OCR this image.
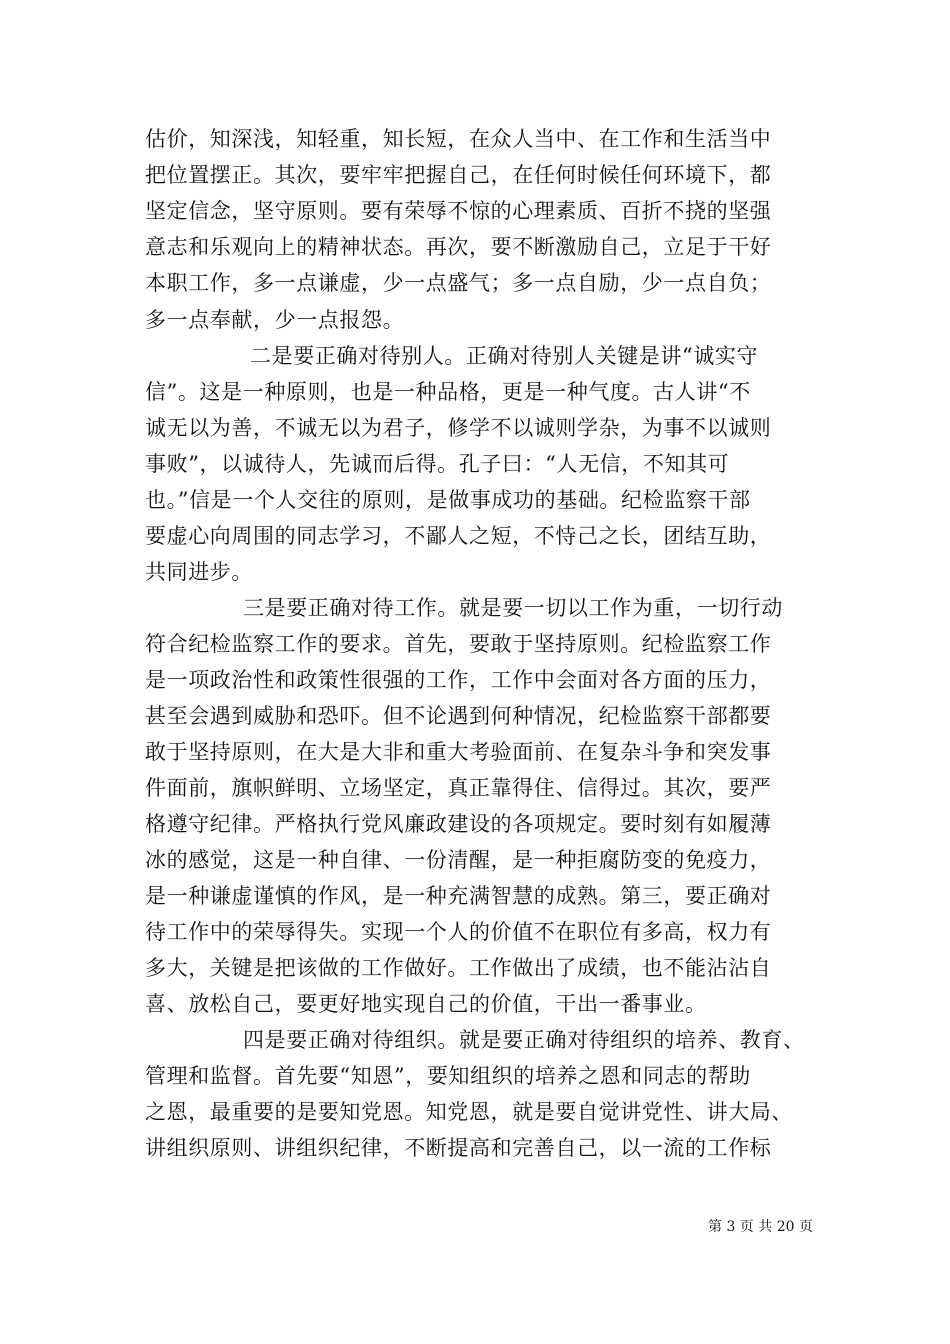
估价，知深浅，知轻重，知长短，在众人当中、在工作和生活当中
把位置摆正。其次，要牢牢把握自己，在任何时候任何环境下，都
坚定信念，坚守原则。要有荣辱不惊的心理素质、百折不挠的坚强
意志和乐观向上的精神状态。再次，要不断激励自己，立足于干好
本职工作，多一点谦虚，少一点盛气；多一点自励，少一点自负；
多一点奉献，少一点报怨。
二是要正确对待别人。正确对待别人关键是讲“诚实守
信”。这是一种原则，也是一种品格，更是一种气度。古人讲“不
诚无以为善，不诚无以为君子，修学不以诚则学杂，为事不以诚则
事败”，以诚待人，先诚而后得。孔子曰：“人无信，不知其可
也。”信是一个人交往的原则，是做事成功的基础。纪检监察干部
要虚心向周围的同志学习，不鄙人之短，不恃己之长，团结互助，
共同进步。
三是要正确对待工作。就是要一切以工作为重，一切行动
符合纪检监察工作的要求。首先，要敢于坚持原则。纪检监察工作
是一项政治性和政策性很强的工作，工作中会面对各方面的压力，
甚至会遇到威胁和恐吓。但不论遇到何种情况，纪检监察干部都要
敢于坚持原则，在大是大非和重大考验面前、在复杂斗争和突发事
件面前，旗帜鲜明、立场坚定，真正靠得住、信得过。其次，要严
格遵守纪律。严格执行党风廉政建设的各项规定。要时刻有如履薄
冰的感觉，这是一种自律、一份清醒，是一种拒腐防变的免疫力，
是一种谦虚谨慎的作风，是一种充满智慧的成熟。第三，要正确对
待工作中的荣辱得失。实现一个人的价值不在职位有多高，权力有
多大，关键是把该做的工作做好。工作做出了成绩，也不能沾沾自
喜、放松自己，要更好地实现自己的价值，干出一番事业。
四是要正确对待组织。就是要正确对待组织的培养、教育、
管理和监督。首先要“知恩”，要知组织的培养之恩和同志的帮助
之恩，最重要的是要知党恩。知党恩，就是要自觉讲党性、讲大局、
讲组织原则、讲组织纪律，不断提高和完善自己，以一流的工作标
第 3 页 共 20 页
